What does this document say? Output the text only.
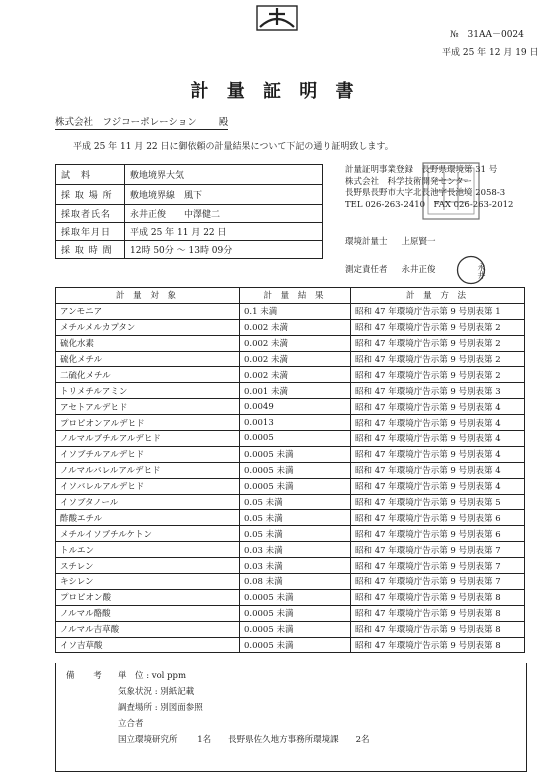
№　31AA－0024
平成 25 年 12 月 19 日
計 量 証 明 書
株式会社　フジコーポレーション 殿
平成 25 年 11 月 22 日に御依頼の計量結果について下記の通り証明致します。
試　料	敷地境界大気
採 取 場 所	敷地境界線　風下
採取者氏名	永井正俊　　中澤健二
採取年月日	平成 25 年 11 月 22 日
採 取 時 間	12時 50分 ～ 13時 09分
計量証明事業登録　長野県環境第 31 号
株式会社　科学技術開発センター
長野県長野市大字北長池字長池境 2058-3
TEL 026-263-2410　FAX 026-263-2012
環境計量士 上原賢一
測定責任者 永井正俊	永井
計 量 対 象	計 量 結 果	計 量 方 法
アンモニア	0.1 未満	昭和 47 年環境庁告示第 9 号別表第 1
メチルメルカプタン	0.002 未満	昭和 47 年環境庁告示第 9 号別表第 2
硫化水素	0.002 未満	昭和 47 年環境庁告示第 9 号別表第 2
硫化メチル	0.002 未満	昭和 47 年環境庁告示第 9 号別表第 2
二硫化メチル	0.002 未満	昭和 47 年環境庁告示第 9 号別表第 2
トリメチルアミン	0.001 未満	昭和 47 年環境庁告示第 9 号別表第 3
アセトアルデヒド	0.0049	昭和 47 年環境庁告示第 9 号別表第 4
プロピオンアルデヒド	0.0013	昭和 47 年環境庁告示第 9 号別表第 4
ノルマルブチルアルデヒド	0.0005	昭和 47 年環境庁告示第 9 号別表第 4
イソブチルアルデヒド	0.0005 未満	昭和 47 年環境庁告示第 9 号別表第 4
ノルマルバレルアルデヒド	0.0005 未満	昭和 47 年環境庁告示第 9 号別表第 4
イソバレルアルデヒド	0.0005 未満	昭和 47 年環境庁告示第 9 号別表第 4
イソブタノール	0.05 未満	昭和 47 年環境庁告示第 9 号別表第 5
酢酸エチル	0.05 未満	昭和 47 年環境庁告示第 9 号別表第 6
メチルイソブチルケトン	0.05 未満	昭和 47 年環境庁告示第 9 号別表第 6
トルエン	0.03 未満	昭和 47 年環境庁告示第 9 号別表第 7
スチレン	0.03 未満	昭和 47 年環境庁告示第 9 号別表第 7
キシレン	0.08 未満	昭和 47 年環境庁告示第 9 号別表第 7
プロピオン酸	0.0005 未満	昭和 47 年環境庁告示第 9 号別表第 8
ノルマル酪酸	0.0005 未満	昭和 47 年環境庁告示第 9 号別表第 8
ノルマル吉草酸	0.0005 未満	昭和 47 年環境庁告示第 9 号別表第 8
イソ吉草酸	0.0005 未満	昭和 47 年環境庁告示第 9 号別表第 8
備 考 単　位 : vol ppm
気象状況 : 別紙記載
調査場所 : 別図面参照
立合者
国立環境研究所　　 1名　　長野県佐久地方事務所環境課　　2名
